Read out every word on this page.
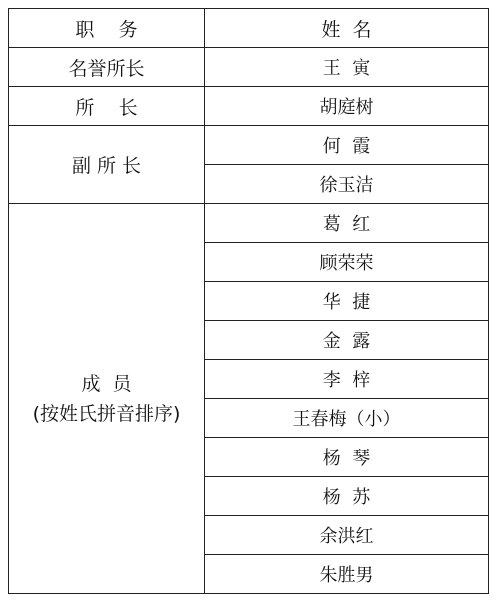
职    务	姓  名
名誉所长	王  寅
所    长	胡庭树
副 所 长	何  霞
	徐玉洁

成  员
(按姓氏拼音排序)	葛  红
	顾荣荣
	华  捷
	金  露
	李  梓
	王春梅（小）
	杨  琴
	杨  苏
	余洪红
	朱胜男
